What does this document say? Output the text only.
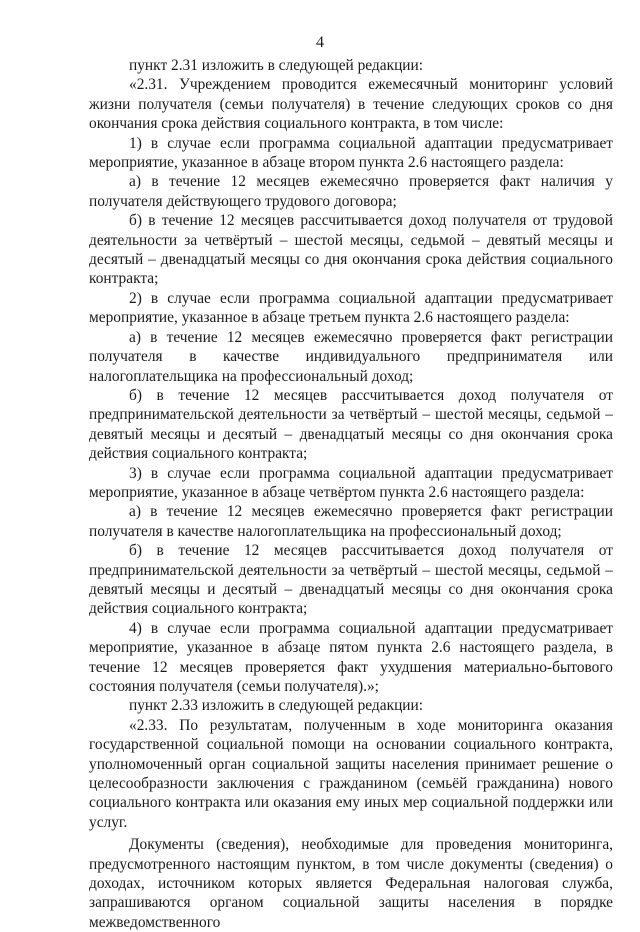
4

пункт 2.31 изложить в следующей редакции:

«2.31. Учреждением проводится ежемесячный мониторинг условий жизни получателя (семьи получателя) в течение следующих сроков со дня окончания срока действия социального контракта, в том числе:

1) в случае если программа социальной адаптации предусматривает мероприятие, указанное в абзаце втором пункта 2.6 настоящего раздела:

а) в течение 12 месяцев ежемесячно проверяется факт наличия у получателя действующего трудового договора;

б) в течение 12 месяцев рассчитывается доход получателя от трудовой деятельности за четвёртый – шестой месяцы, седьмой – девятый месяцы и десятый – двенадцатый месяцы со дня окончания срока действия социального контракта;

2) в случае если программа социальной адаптации предусматривает мероприятие, указанное в абзаце третьем пункта 2.6 настоящего раздела:

а) в течение 12 месяцев ежемесячно проверяется факт регистрации получателя в качестве индивидуального предпринимателя или налогоплательщика на профессиональный доход;

б) в течение 12 месяцев рассчитывается доход получателя от предпринимательской деятельности за четвёртый – шестой месяцы, седьмой – девятый месяцы и десятый – двенадцатый месяцы со дня окончания срока действия социального контракта;

3) в случае если программа социальной адаптации предусматривает мероприятие, указанное в абзаце четвёртом пункта 2.6 настоящего раздела:

а) в течение 12 месяцев ежемесячно проверяется факт регистрации получателя в качестве налогоплательщика на профессиональный доход;

б) в течение 12 месяцев рассчитывается доход получателя от предпринимательской деятельности за четвёртый – шестой месяцы, седьмой – девятый месяцы и десятый – двенадцатый месяцы со дня окончания срока действия социального контракта;

4) в случае если программа социальной адаптации предусматривает мероприятие, указанное в абзаце пятом пункта 2.6 настоящего раздела, в течение 12 месяцев проверяется факт ухудшения материально-бытового состояния получателя (семьи получателя).»;

пункт 2.33 изложить в следующей редакции:

«2.33. По результатам, полученным в ходе мониторинга оказания государственной социальной помощи на основании социального контракта, уполномоченный орган социальной защиты населения принимает решение о целесообразности заключения с гражданином (семьёй гражданина) нового социального контракта или оказания ему иных мер социальной поддержки или услуг.

Документы (сведения), необходимые для проведения мониторинга, предусмотренного настоящим пунктом, в том числе документы (сведения) о доходах, источником которых является Федеральная налоговая служба, запрашиваются органом социальной защиты населения в порядке межведомственного
